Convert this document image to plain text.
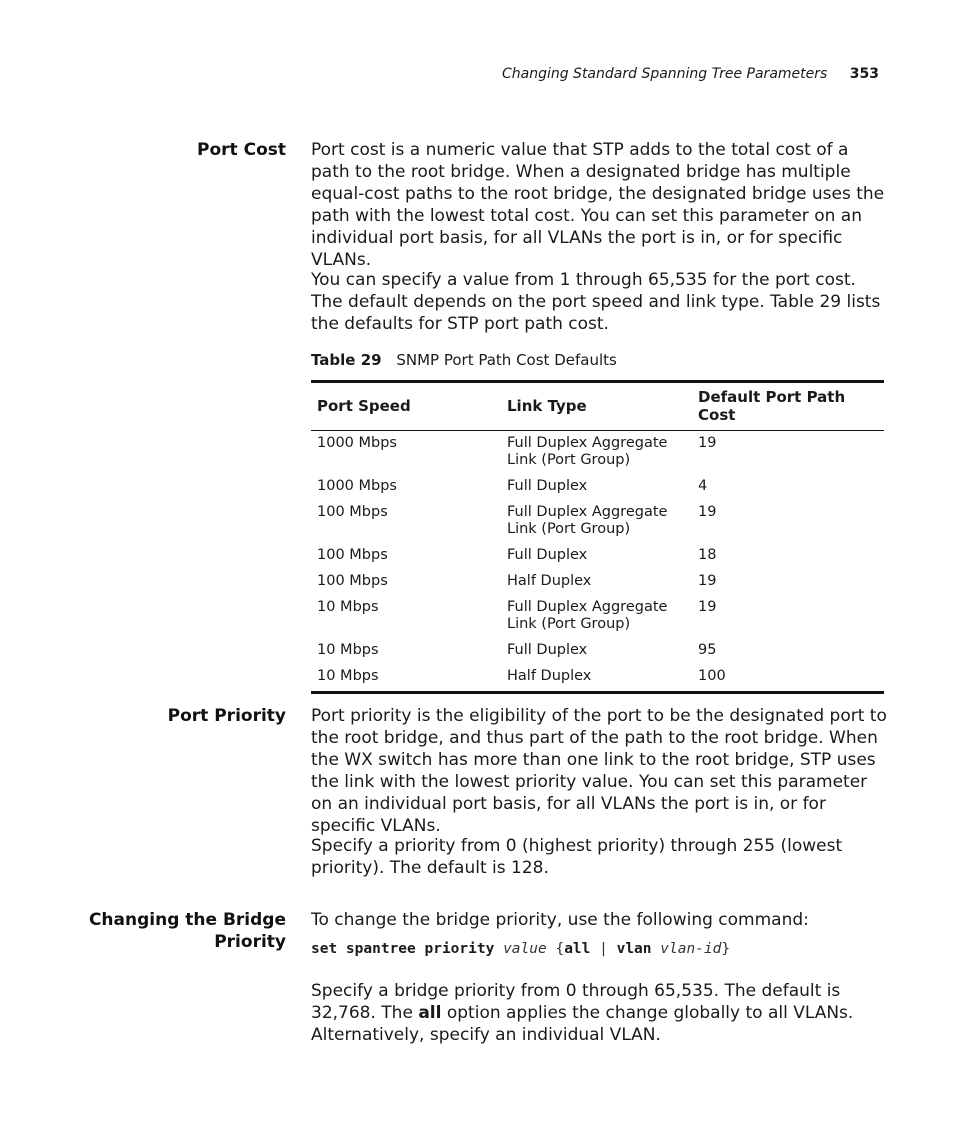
Changing Standard Spanning Tree Parameters 353
Port Cost Port cost is a numeric value that STP adds to the total cost of a path to the root bridge. When a designated bridge has multiple equal-cost paths to the root bridge, the designated bridge uses the path with the lowest total cost. You can set this parameter on an individual port basis, for all VLANs the port is in, or for specific VLANs.

You can specify a value from 1 through 65,535 for the port cost. The default depends on the port speed and link type. Table 29 lists the defaults for STP port path cost.

Table 29 SNMP Port Path Cost Defaults
Port Speed	Link Type	Default Port Path Cost
1000 Mbps	Full Duplex Aggregate Link (Port Group)	19
1000 Mbps	Full Duplex	4
100 Mbps	Full Duplex Aggregate Link (Port Group)	19
100 Mbps	Full Duplex	18
100 Mbps	Half Duplex	19
10 Mbps	Full Duplex Aggregate Link (Port Group)	19
10 Mbps	Full Duplex	95
10 Mbps	Half Duplex	100
Port Priority Port priority is the eligibility of the port to be the designated port to the root bridge, and thus part of the path to the root bridge. When the WX switch has more than one link to the root bridge, STP uses the link with the lowest priority value. You can set this parameter on an individual port basis, for all VLANs the port is in, or for specific VLANs.

Specify a priority from 0 (highest priority) through 255 (lowest priority). The default is 128.

Changing the Bridge
Priority

To change the bridge priority, use the following command:

set spantree priority value {all | vlan vlan-id}

Specify a bridge priority from 0 through 65,535. The default is 32,768. The all option applies the change globally to all VLANs. Alternatively, specify an individual VLAN.
